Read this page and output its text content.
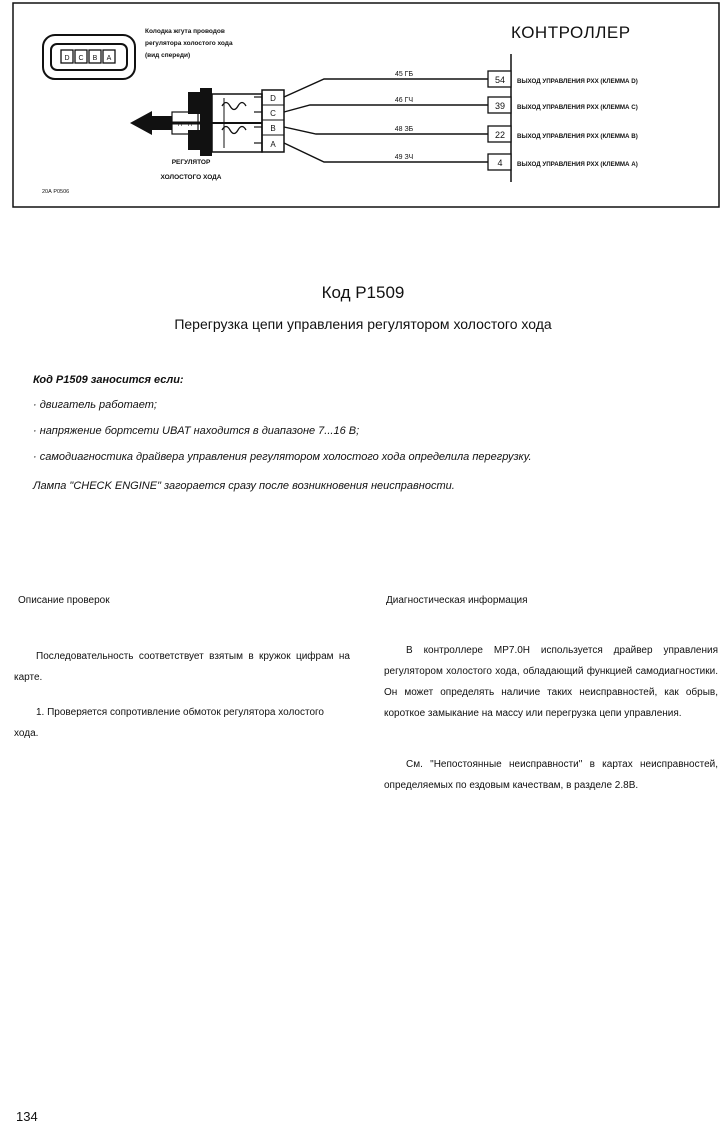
D C B A
Колодка жгута проводов
регулятора холостого хода
(вид спереди)
КОНТРОЛЛЕР
A A
D
C
B
A
РЕГУЛЯТОР
ХОЛОСТОГО ХОДА
20А Р0506
45 ГБ
46 ГЧ
48 ЗБ
49 ЗЧ
54
39
22
4
ВЫХОД УПРАВЛЕНИЯ РХХ (КЛЕММА D)
ВЫХОД УПРАВЛЕНИЯ РХХ (КЛЕММА С)
ВЫХОД УПРАВЛЕНИЯ РХХ (КЛЕММА В)
ВЫХОД УПРАВЛЕНИЯ РХХ (КЛЕММА А)
Код Р1509
Перегрузка цепи управления регулятором холостого хода
Код Р1509 заносится если:
· двигатель работает;
· напряжение бортсети UBAT находится в диапазоне 7...16 В;
· самодиагностика драйвера управления регулятором холостого хода определила перегрузку.
Лампа "CHECK ENGINE" загорается сразу после возникновения неисправности.
Описание проверок

Последовательность соответствует взятым в кружок цифрам на карте.

1. Проверяется сопротивление обмоток регулятора холостого хода.

Диагностическая информация

В контроллере МР7.0Н используется драйвер управления регулятором холостого хода, обладающий функцией самодиагностики. Он может определять наличие таких неисправностей, как обрыв, короткое замыкание на массу или перегрузка цепи управления.

См. "Непостоянные неисправности" в картах неисправностей, определяемых по ездовым качествам, в разделе 2.8В.

134
